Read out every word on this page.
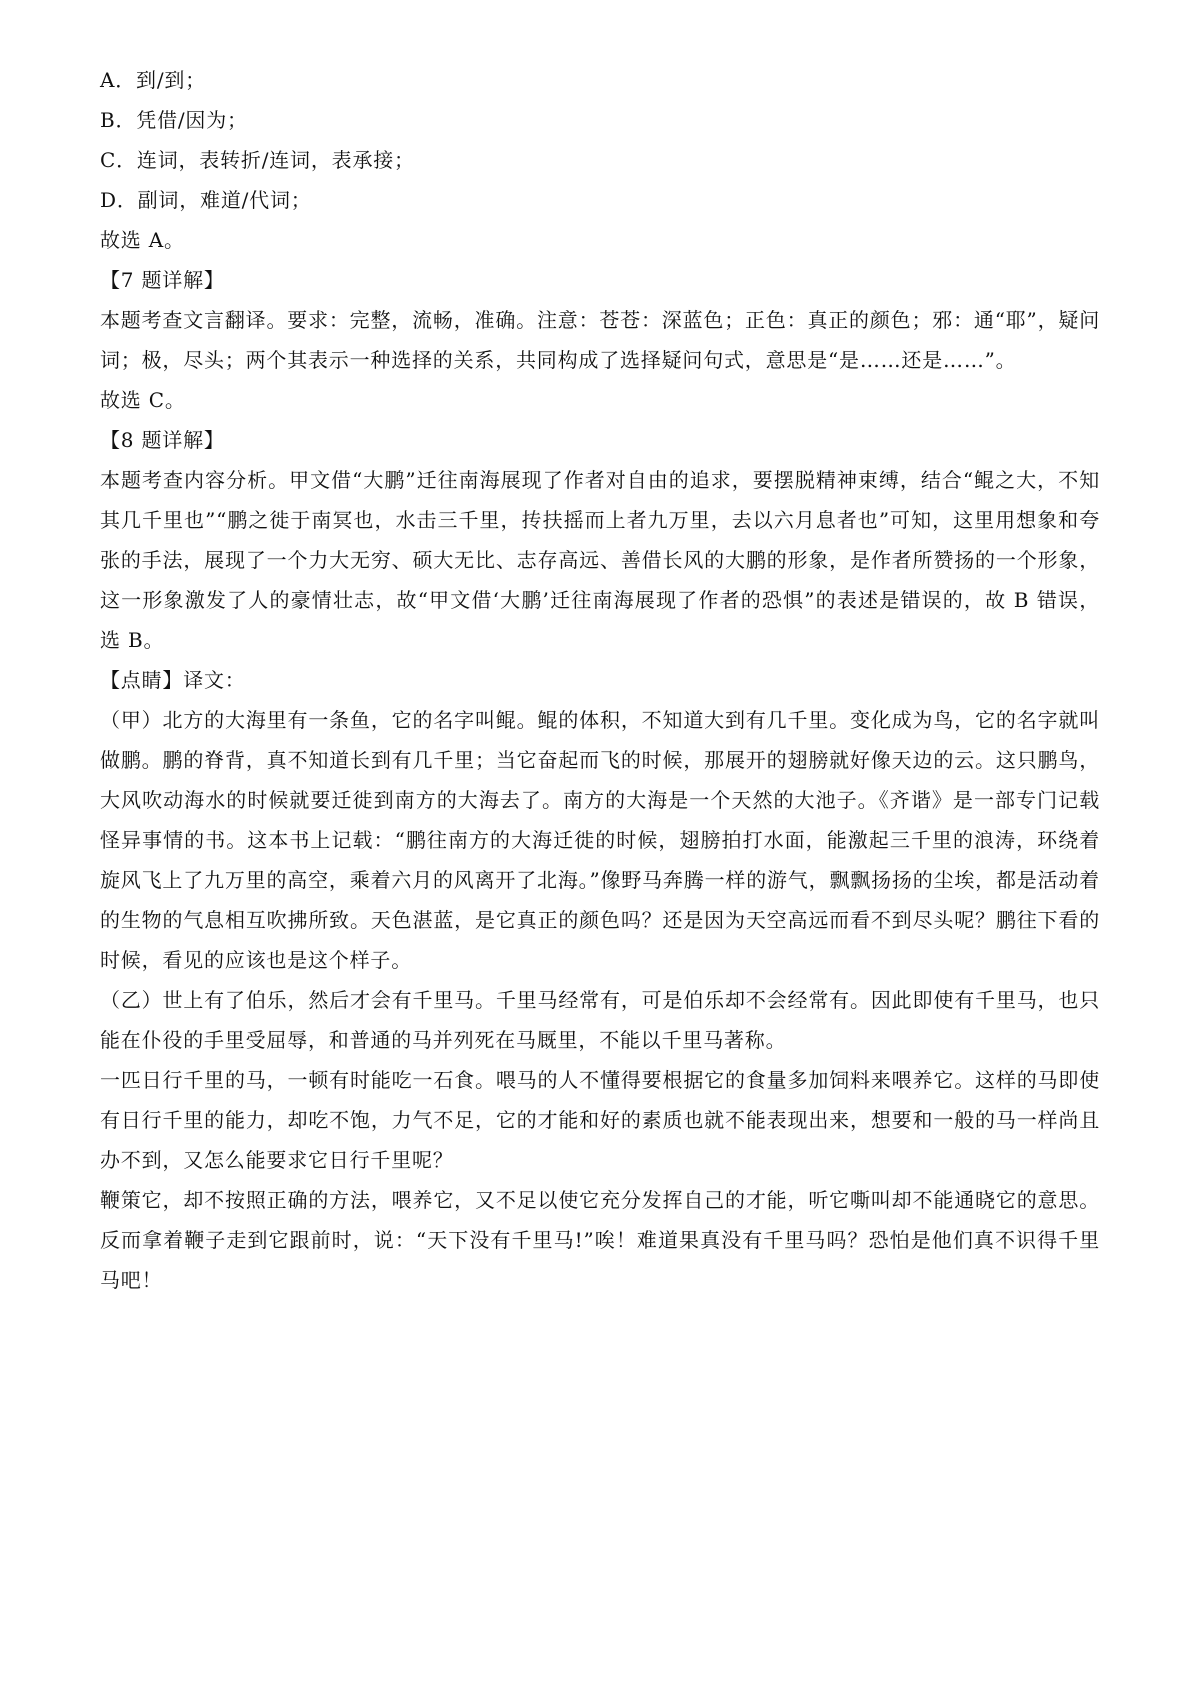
A．到/到；
B．凭借/因为；
C．连词，表转折/连词，表承接；
D．副词，难道/代词；
故选 A。
【7 题详解】
本题考查文言翻译。要求：完整，流畅，准确。注意：苍苍：深蓝色；正色：真正的颜色；邪：通“耶”，疑问词；极，尽头；两个其表示一种选择的关系，共同构成了选择疑问句式，意思是“是……还是……”。
故选 C。
【8 题详解】
本题考查内容分析。甲文借“大鹏”迁往南海展现了作者对自由的追求，要摆脱精神束缚，结合“鲲之大，不知其几千里也”“鹏之徙于南冥也，水击三千里，抟扶摇而上者九万里，去以六月息者也”可知，这里用想象和夸张的手法，展现了一个力大无穷、硕大无比、志存高远、善借长风的大鹏的形象，是作者所赞扬的一个形象，这一形象激发了人的豪情壮志，故“甲文借‘大鹏’迁往南海展现了作者的恐惧”的表述是错误的，故 B 错误，选 B。
【点睛】译文：
（甲）北方的大海里有一条鱼，它的名字叫鲲。鲲的体积，不知道大到有几千里。变化成为鸟，它的名字就叫做鹏。鹏的脊背，真不知道长到有几千里；当它奋起而飞的时候，那展开的翅膀就好像天边的云。这只鹏鸟，大风吹动海水的时候就要迁徙到南方的大海去了。南方的大海是一个天然的大池子。《齐谐》是一部专门记载怪异事情的书。这本书上记载：“鹏往南方的大海迁徙的时候，翅膀拍打水面，能激起三千里的浪涛，环绕着旋风飞上了九万里的高空，乘着六月的风离开了北海。”像野马奔腾一样的游气，飘飘扬扬的尘埃，都是活动着的生物的气息相互吹拂所致。天色湛蓝，是它真正的颜色吗？还是因为天空高远而看不到尽头呢？鹏往下看的时候，看见的应该也是这个样子。
（乙）世上有了伯乐，然后才会有千里马。千里马经常有，可是伯乐却不会经常有。因此即使有千里马，也只能在仆役的手里受屈辱，和普通的马并列死在马厩里，不能以千里马著称。
一匹日行千里的马，一顿有时能吃一石食。喂马的人不懂得要根据它的食量多加饲料来喂养它。这样的马即使有日行千里的能力，却吃不饱，力气不足，它的才能和好的素质也就不能表现出来，想要和一般的马一样尚且办不到，又怎么能要求它日行千里呢？
鞭策它，却不按照正确的方法，喂养它，又不足以使它充分发挥自己的才能，听它嘶叫却不能通晓它的意思。反而拿着鞭子走到它跟前时，说：“天下没有千里马!”唉！难道果真没有千里马吗？恐怕是他们真不识得千里马吧！
